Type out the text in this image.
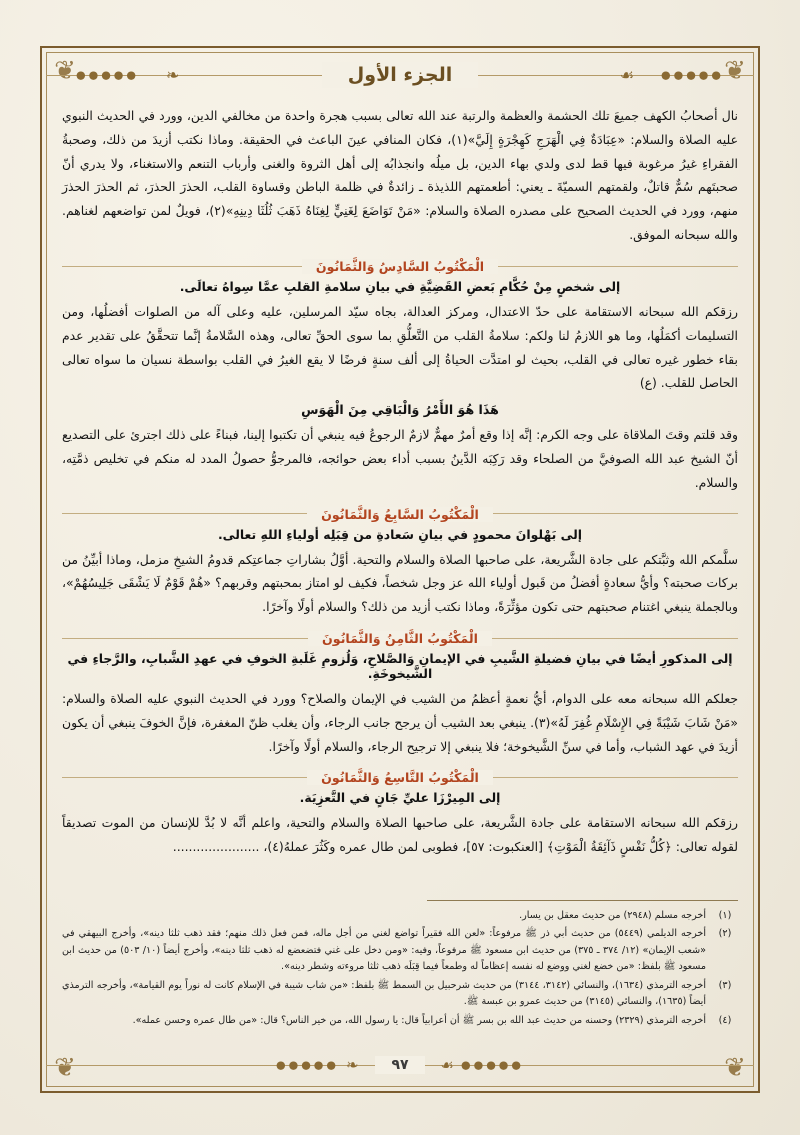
❦	❦
❦	❦
●●●●●	●●●●●
❧	☙
الجزء الأول

نال أصحابُ الكهف جميعَ تلك الحشمة والعظمة والرتبة عند الله تعالى بسبب هجرة واحدة من مخالفي الدين، وورد في الحديث النبوي عليه الصلاة والسلام: «عِبَادَةٌ فِي الْهَرَجِ كَهِجْرَةٍ إِلَيَّ»(١)، فكان المنافي عينَ الباعث في الحقيقة. وماذا نكتب أزيدَ من ذلك، وصحبةُ الفقراءِ غيرُ مرغوبة فيها قط لدى ولدي بهاء الدين، بل ميلُه وانجذابُه إلى أهل الثروة والغنى وأرباب التنعم والاستغناء، ولا يدري أنّ صحبتَهم سُمٌّ قاتلٌ، ولقمتهم السميّةَ ـ يعني: أطعمتهم اللذيذة ـ زائدةٌ في ظلمة الباطن وقساوة القلب، الحذرَ الحذرَ، ثم الحذرَ الحذرَ منهم، وورد في الحديث الصحيح على مصدره الصلاة والسلام: «مَنْ تَوَاضَعَ لِغَنِيٍّ لِغِنَاهُ ذَهَبَ ثُلُثَا دِينِهِ»(٢)، فويلٌ لمن تواضعهم لغناهم. والله سبحانه الموفق.

الْمَكْتُوبُ السَّادِسُ وَالثَّمَانُونَ
إلى شخصٍ مِنْ حُكَّامِ بَعضِ القَضِيَّةِ في بيانِ سلامةِ القلبِ عمَّا سِواهُ تعالَى.

رزقكم الله سبحانه الاستقامة على حدّ الاعتدال، ومركز العدالة، بجاه سيّد المرسلين، عليه وعلى آله من الصلوات أفضلُها، ومن التسليمات أكمَلُها، وما هو اللازمُ لنا ولكم: سلامةُ القلب من التَّعلُّقِ بما سوى الحقِّ تعالى، وهذه السَّلامةُ إنَّما تتحقَّقُ على تقدير عدم بقاء خطور غيره تعالى في القلب، بحيث لو امتدَّت الحياةُ إلى ألف سنةٍ فرضًا لا يقع الغيرُ في القلب بواسطة نسيان ما سواه تعالى الحاصل للقلب. (ع)

هَذَا هُوَ الأَمْرُ وَالْبَاقِي مِنَ الْهَوَسِ

وقد قلتم وقتَ الملاقاة على وجه الكرم: إنَّه إذا وقع أمرٌ مهمٌّ لازمٌ الرجوعُ فيه ينبغي أن تكتبوا إلينا، فبناءً على ذلك اجترئ على التصديع أنّ الشيخ عبد الله الصوفيَّ من الصلحاء وقد رَكِبَه الدَّينُ بسبب أداء بعض حوائجه، فالمرجوُّ حصولُ المدد له منكم في تخليص ذمَّتِه، والسلام.

الْمَكْتُوبُ السَّابِعُ وَالثَّمَانُونَ
إلى بَهْلوانَ محمودٍ في بيانِ سَعادةِ من قِبَلِه أولياءِ اللهِ تعالى.

سلَّمكم الله وثبَّتكم على جادة الشَّريعة، على صاحبها الصلاة والسلام والتحية. أوَّلُ بشاراتِ جماعتِكم قدومُ الشيخِ مزمل، وماذا أبيِّنُ من بركات صحبته؟ وأيُّ سعادةٍ أفضلُ من قَبول أولياء الله عز وجل شخصاً، فكيف لو امتاز بمحبتهم وقربهم؟ «هُمْ قَوْمٌ لَا يَشْقَى جَلِيسُهُمْ»، وبالجملة ينبغي اغتنام صحبتهم حتى تكون مؤثِّرَةً، وماذا نكتب أزيد من ذلك؟ والسلام أولًا وآخرًا.

الْمَكْتُوبُ الثَّامِنُ وَالثَّمَانُونَ
إلى المذكورِ أيضًا في بيانِ فضيلةِ الشَّيبِ في الإيمانِ وَالصَّلاحِ، وَلُزومِ غَلَبةِ الخوفِ في عهدِ الشَّبابِ، والرَّجاءِ في الشَّيخوخَةِ.

جعلكم الله سبحانه معه على الدوام، أيُّ نعمةٍ أعظمُ من الشيب في الإيمان والصلاح؟ وورد في الحديث النبوي عليه الصلاة والسلام: «مَنْ شَابَ شَيْبَةً فِي الإِسْلَامِ غُفِرَ لَهُ»(٣). ينبغي بعد الشيب أن يرجح جانب الرجاء، وأن يغلب ظنّ المغفرة، فإنَّ الخوفَ ينبغي أن يكون أزيدَ في عهد الشباب، وأما في سنِّ الشَّيخوخة؛ فلا ينبغي إلا ترجيح الرجاء، والسلام أولًا وآخرًا.

الْمَكْتُوبُ التَّاسِعُ وَالثَّمَانُونَ
إلى المِيرْزَا عليِّ جَانٍ في التَّعزِيَة.

رزقكم الله سبحانه الاستقامة على جادة الشَّريعة، على صاحبها الصلاة والسلام والتحية، واعلم أنَّه لا بُدَّ للإنسان من الموت تصديقاً لقوله تعالى: ﴿كُلُّ نَفْسٍ ذَآئِقَةُ الْمَوْتِ﴾ [العنكبوت: ٥٧]، فطوبى لمن طال عمره وكَثُرَ عملهُ(٤)، ......................

(١)
أخرجه مسلم (٢٩٤٨) من حديث معقل بن يسار.
(٢)
أخرجه الديلمي (٥٤٤٩) من حديث أبي ذر ﷺ مرفوعاً: «لعن الله فقيراً تواضع لغني من أجل ماله، فمن فعل ذلك منهم؛ فقد ذهب ثلثا دينه»، وأخرج البيهقي في «شعب الإيمان» (١٢/ ٣٧٤ ـ ٣٧٥) من حديث ابن مسعود ﷺ مرفوعاً، وفيه: «ومن دخل على غني فتضعضع له ذهب ثلثا دينه»، وأخرج أيضاً (١٠/ ٥٠٣) من حديث ابن مسعود ﷺ بلفظ: «من خضع لغني ووضع له نفسه إعظاماً له وطمعاً فيما قِبَلَه ذهب ثلثا مروءته وشطر دينه».
(٣)
أخرجه الترمذي (١٦٣٤)، والنسائي (٣١٤٢، ٣١٤٤) من حديث شرحبيل بن السمط ﷺ بلفظ: «من شاب شيبة في الإسلام كانت له نوراً يوم القيامة»، وأخرجه الترمذي أيضاً (١٦٣٥)، والنسائي (٣١٤٥) من حديث عمرو بن عبسة ﷺ.
(٤)
أخرجه الترمذي (٢٣٢٩) وحسنه من حديث عبد الله بن بسر ﷺ أن أعرابياً قال: يا رسول الله، من خير الناس؟ قال: «من طال عمره وحسن عمله».
●●●●●	●●●●●
❧	☙
٩٧
